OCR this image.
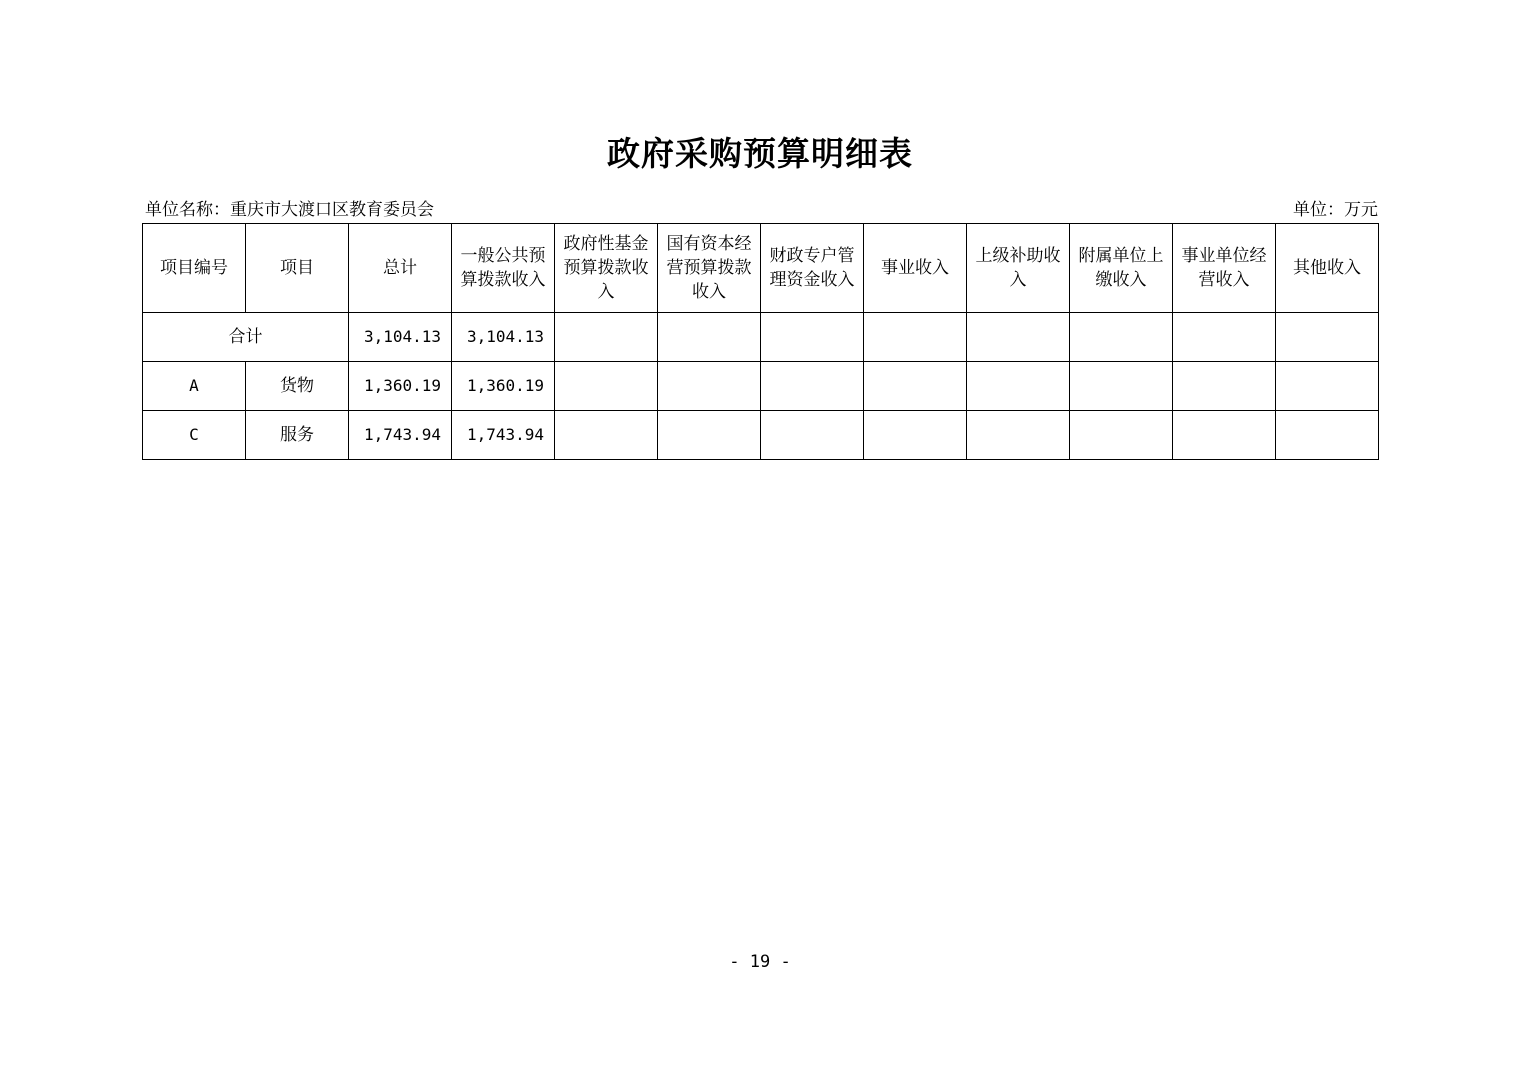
政府采购预算明细表
单位名称：重庆市大渡口区教育委员会	单位：万元
项目编号	项目	总计	一般公共预算拨款收入	政府性基金预算拨款收入	国有资本经营预算拨款收入	财政专户管理资金收入	事业收入	上级补助收入	附属单位上缴收入	事业单位经营收入	其他收入
合计		3,104.13	3,104.13								
A	货物	1,360.19	1,360.19								
C	服务	1,743.94	1,743.94								
- 19 -
